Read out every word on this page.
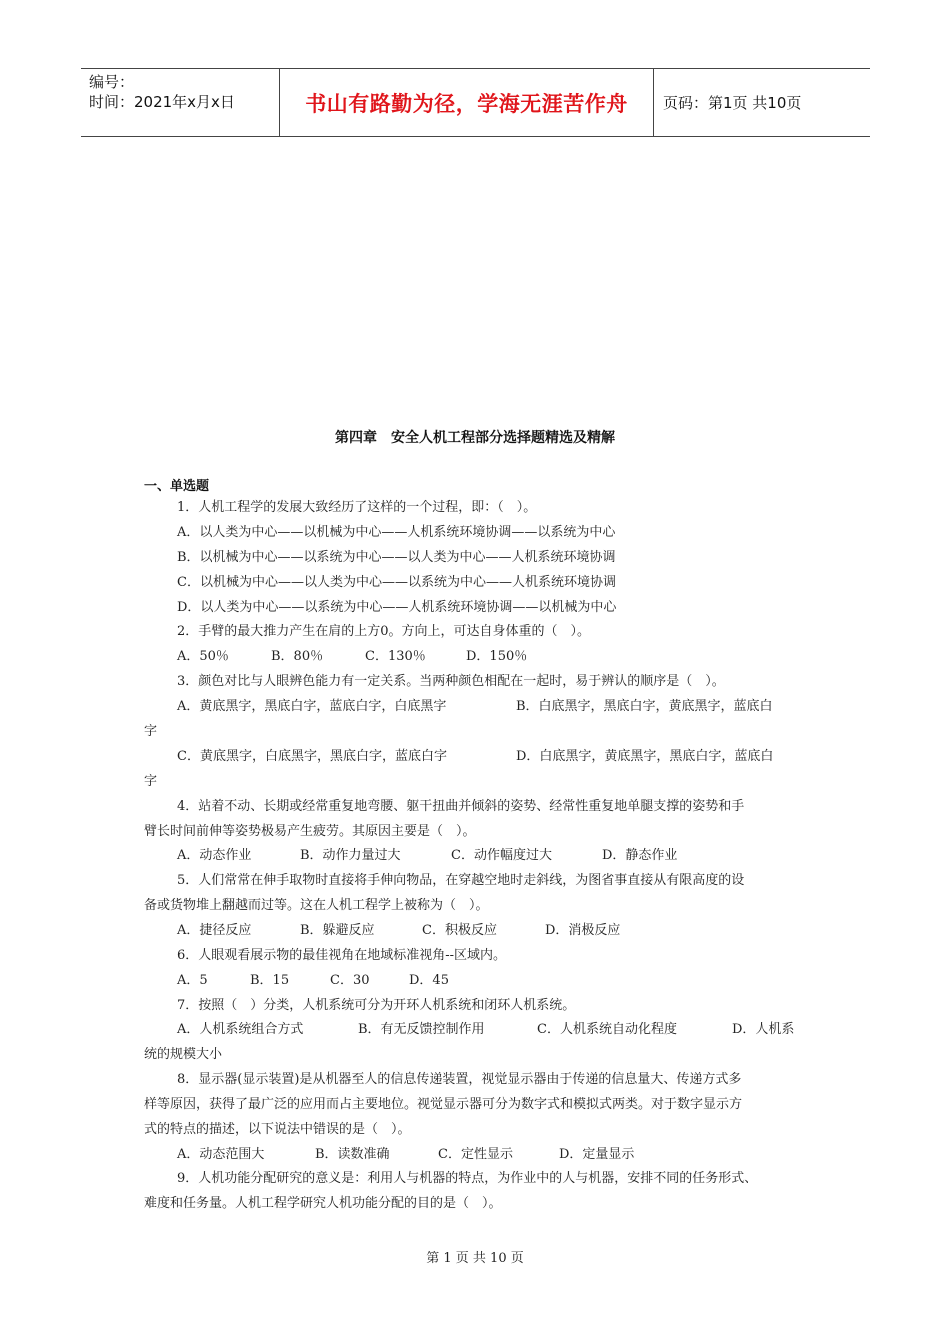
编号：
时间：2021年x月x日	书山有路勤为径，学海无涯苦作舟	页码：第1页 共10页
第四章　安全人机工程部分选择题精选及精解
一、单选题
1．人机工程学的发展大致经历了这样的一个过程，即：（　）。
A．以人类为中心——以机械为中心——人机系统环境协调——以系统为中心
B．以机械为中心——以系统为中心——以人类为中心——人机系统环境协调
C．以机械为中心——以人类为中心——以系统为中心——人机系统环境协调
D．以人类为中心——以系统为中心——人机系统环境协调——以机械为中心
2．手臂的最大推力产生在肩的上方0。方向上，可达自身体重的（　）。
A．50％	B．80％	C．130％	D．150％
3．颜色对比与人眼辨色能力有一定关系。当两种颜色相配在一起时，易于辨认的顺序是（　）。
A．黄底黑字，黑底白字，蓝底白字，白底黑字	B．白底黑字，黑底白字，黄底黑字，蓝底白
字
C．黄底黑字，白底黑字，黑底白字，蓝底白字	D．白底黑字，黄底黑字，黑底白字，蓝底白
字
4．站着不动、长期或经常重复地弯腰、躯干扭曲并倾斜的姿势、经常性重复地单腿支撑的姿势和手
臂长时间前伸等姿势极易产生疲劳。其原因主要是（　）。
A．动态作业	B．动作力量过大	C．动作幅度过大	D．静态作业
5．人们常常在伸手取物时直接将手伸向物品，在穿越空地时走斜线，为图省事直接从有限高度的设
备或货物堆上翻越而过等。这在人机工程学上被称为（　）。
A．捷径反应	B．躲避反应	C．积极反应	D．消极反应
6．人眼观看展示物的最佳视角在地域标准视角--区域内。
A．5	B．15	C．30	D．45
7．按照（　）分类，人机系统可分为开环人机系统和闭环人机系统。
A．人机系统组合方式	B．有无反馈控制作用	C．人机系统自动化程度	D．人机系
统的规模大小
8．显示器(显示装置)是从机器至人的信息传递装置，视觉显示器由于传递的信息量大、传递方式多
样等原因，获得了最广泛的应用而占主要地位。视觉显示器可分为数字式和模拟式两类。对于数字显示方
式的特点的描述，以下说法中错误的是（　）。
A．动态范围大	B．读数准确	C．定性显示	D．定量显示
9．人机功能分配研究的意义是：利用人与机器的特点，为作业中的人与机器，安排不同的任务形式、
难度和任务量。人机工程学研究人机功能分配的目的是（　）。
第 1 页 共 10 页
